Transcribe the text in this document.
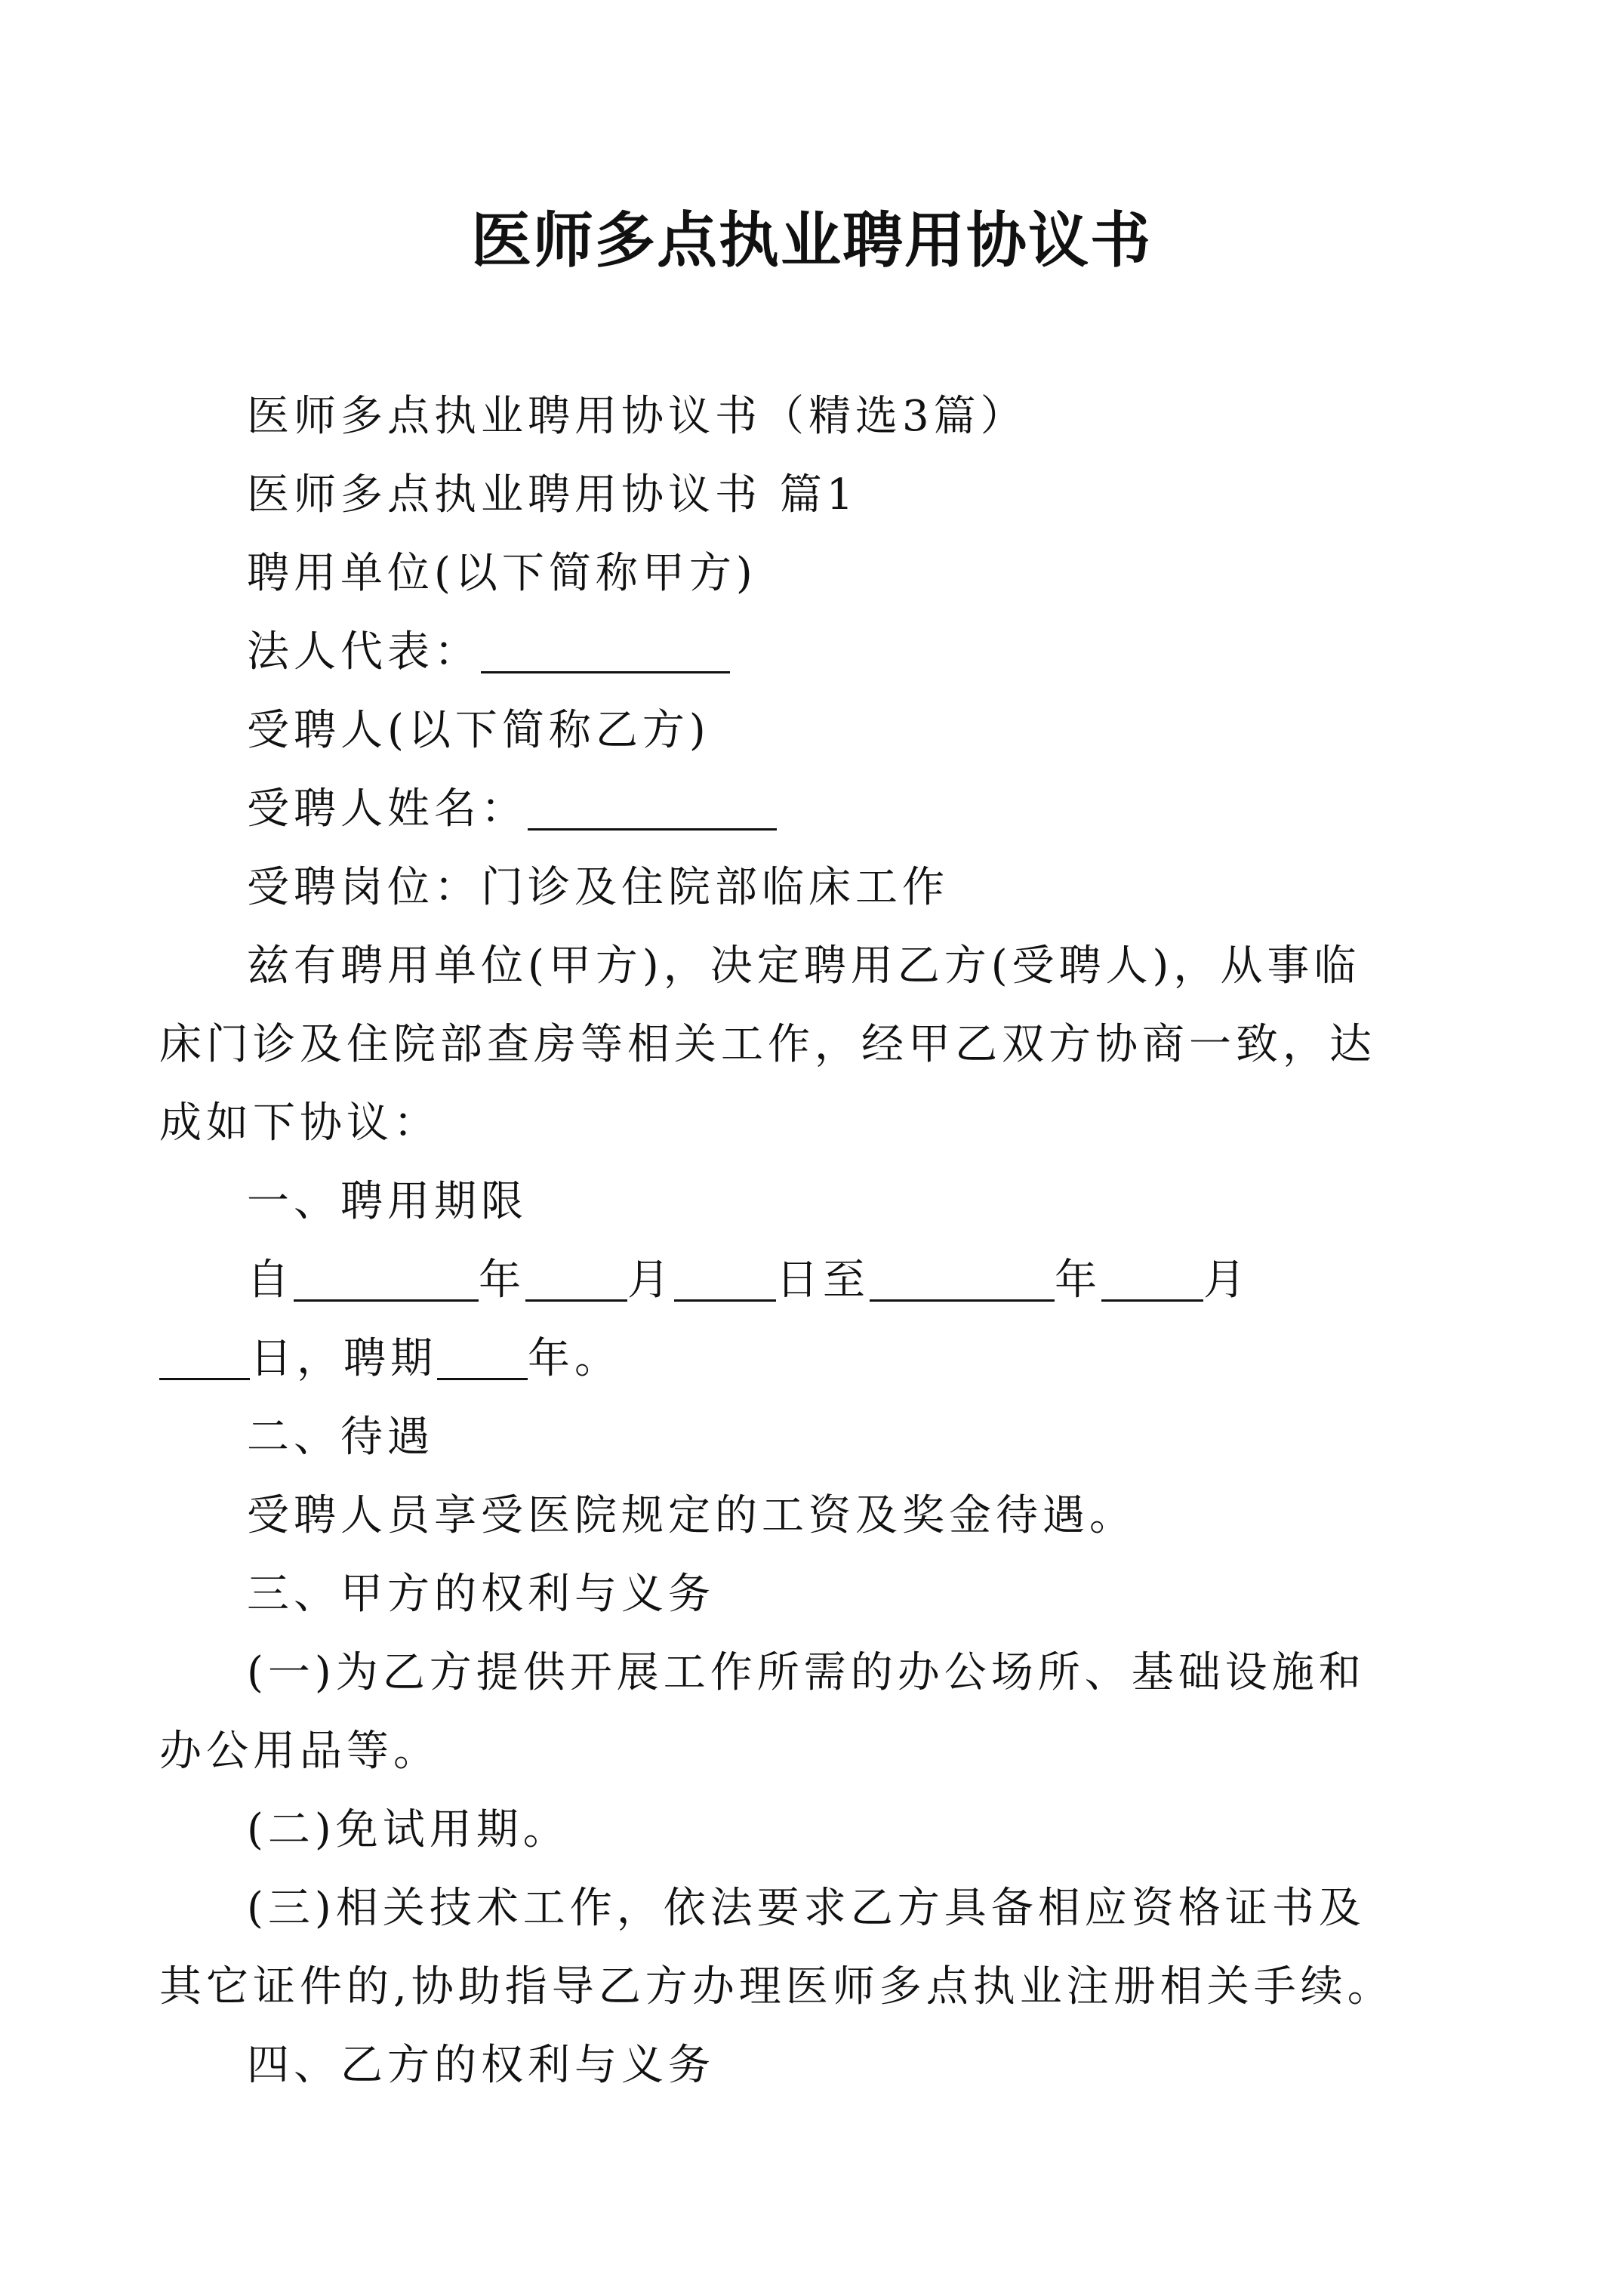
医师多点执业聘用协议书

医师多点执业聘用协议书（精选3篇）

医师多点执业聘用协议书 篇1

聘用单位(以下简称甲方)

法人代表：

受聘人(以下简称乙方)

受聘人姓名：

受聘岗位：门诊及住院部临床工作

兹有聘用单位(甲方)，决定聘用乙方(受聘人)，从事临

床门诊及住院部查房等相关工作，经甲乙双方协商一致，达

成如下协议：

一、聘用期限

自	年 月 日至	年 月

日，聘期 年。

二、待遇

受聘人员享受医院规定的工资及奖金待遇。

三、甲方的权利与义务

(一)为乙方提供开展工作所需的办公场所、基础设施和

办公用品等。

(二)免试用期。

(三)相关技术工作，依法要求乙方具备相应资格证书及

其它证件的,协助指导乙方办理医师多点执业注册相关手续。

四、乙方的权利与义务
